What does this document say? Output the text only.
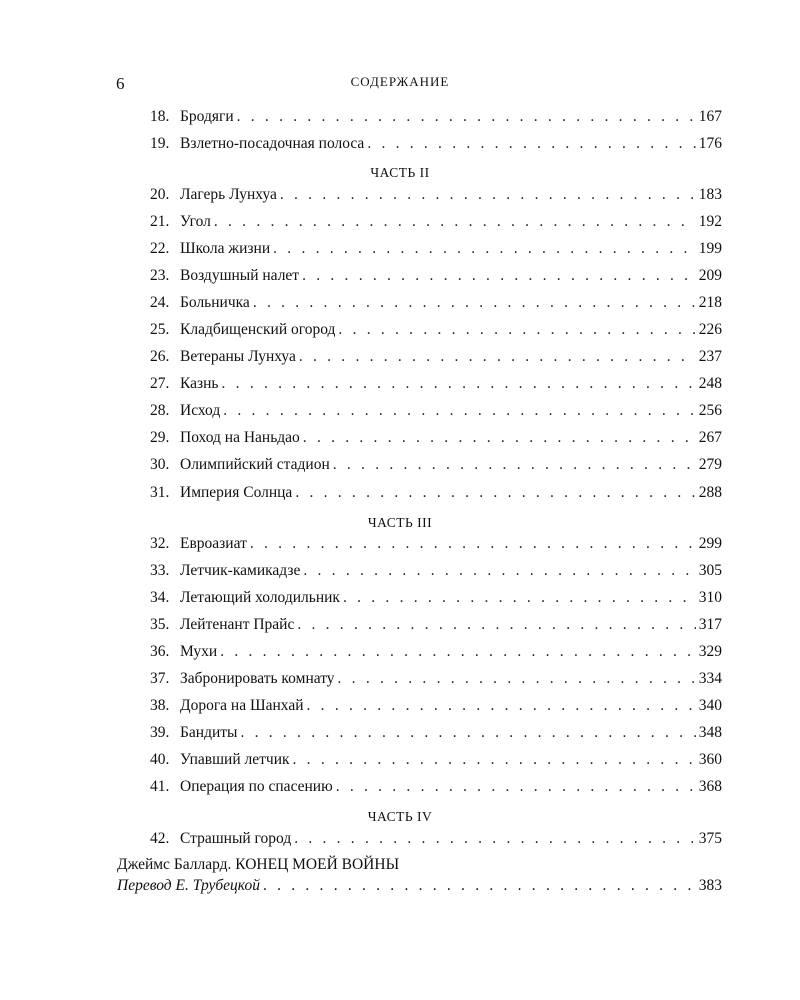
6	СОДЕРЖАНИЕ
18. Бродяги . . .	167
19. Взлетно-посадочная полоса . . .	176
ЧАСТЬ II
20. Лагерь Лунхуа . . .	183
21. Угол . . .	192
22. Школа жизни . . .	199
23. Воздушный налет . . .	209
24. Больничка . . .	218
25. Кладбищенский огород . . .	226
26. Ветераны Лунхуа . . .	237
27. Казнь . . .	248
28. Исход . . .	256
29. Поход на Наньдао . . .	267
30. Олимпийский стадион . . .	279
31. Империя Солнца . . .	288
ЧАСТЬ III
32. Евроазиат . . .	299
33. Летчик-камикадзе . . .	305
34. Летающий холодильник . . .	310
35. Лейтенант Прайс . . .	317
36. Мухи . . .	329
37. Забронировать комнату . . .	334
38. Дорога на Шанхай . . .	340
39. Бандиты . . .	348
40. Упавший летчик . . .	360
41. Операция по спасению . . .	368
ЧАСТЬ IV
42. Страшный город . . .	375
Джеймс Баллард. КОНЕЦ МОЕЙ ВОЙНЫ
Перевод Е. Трубецкой . . .	383
